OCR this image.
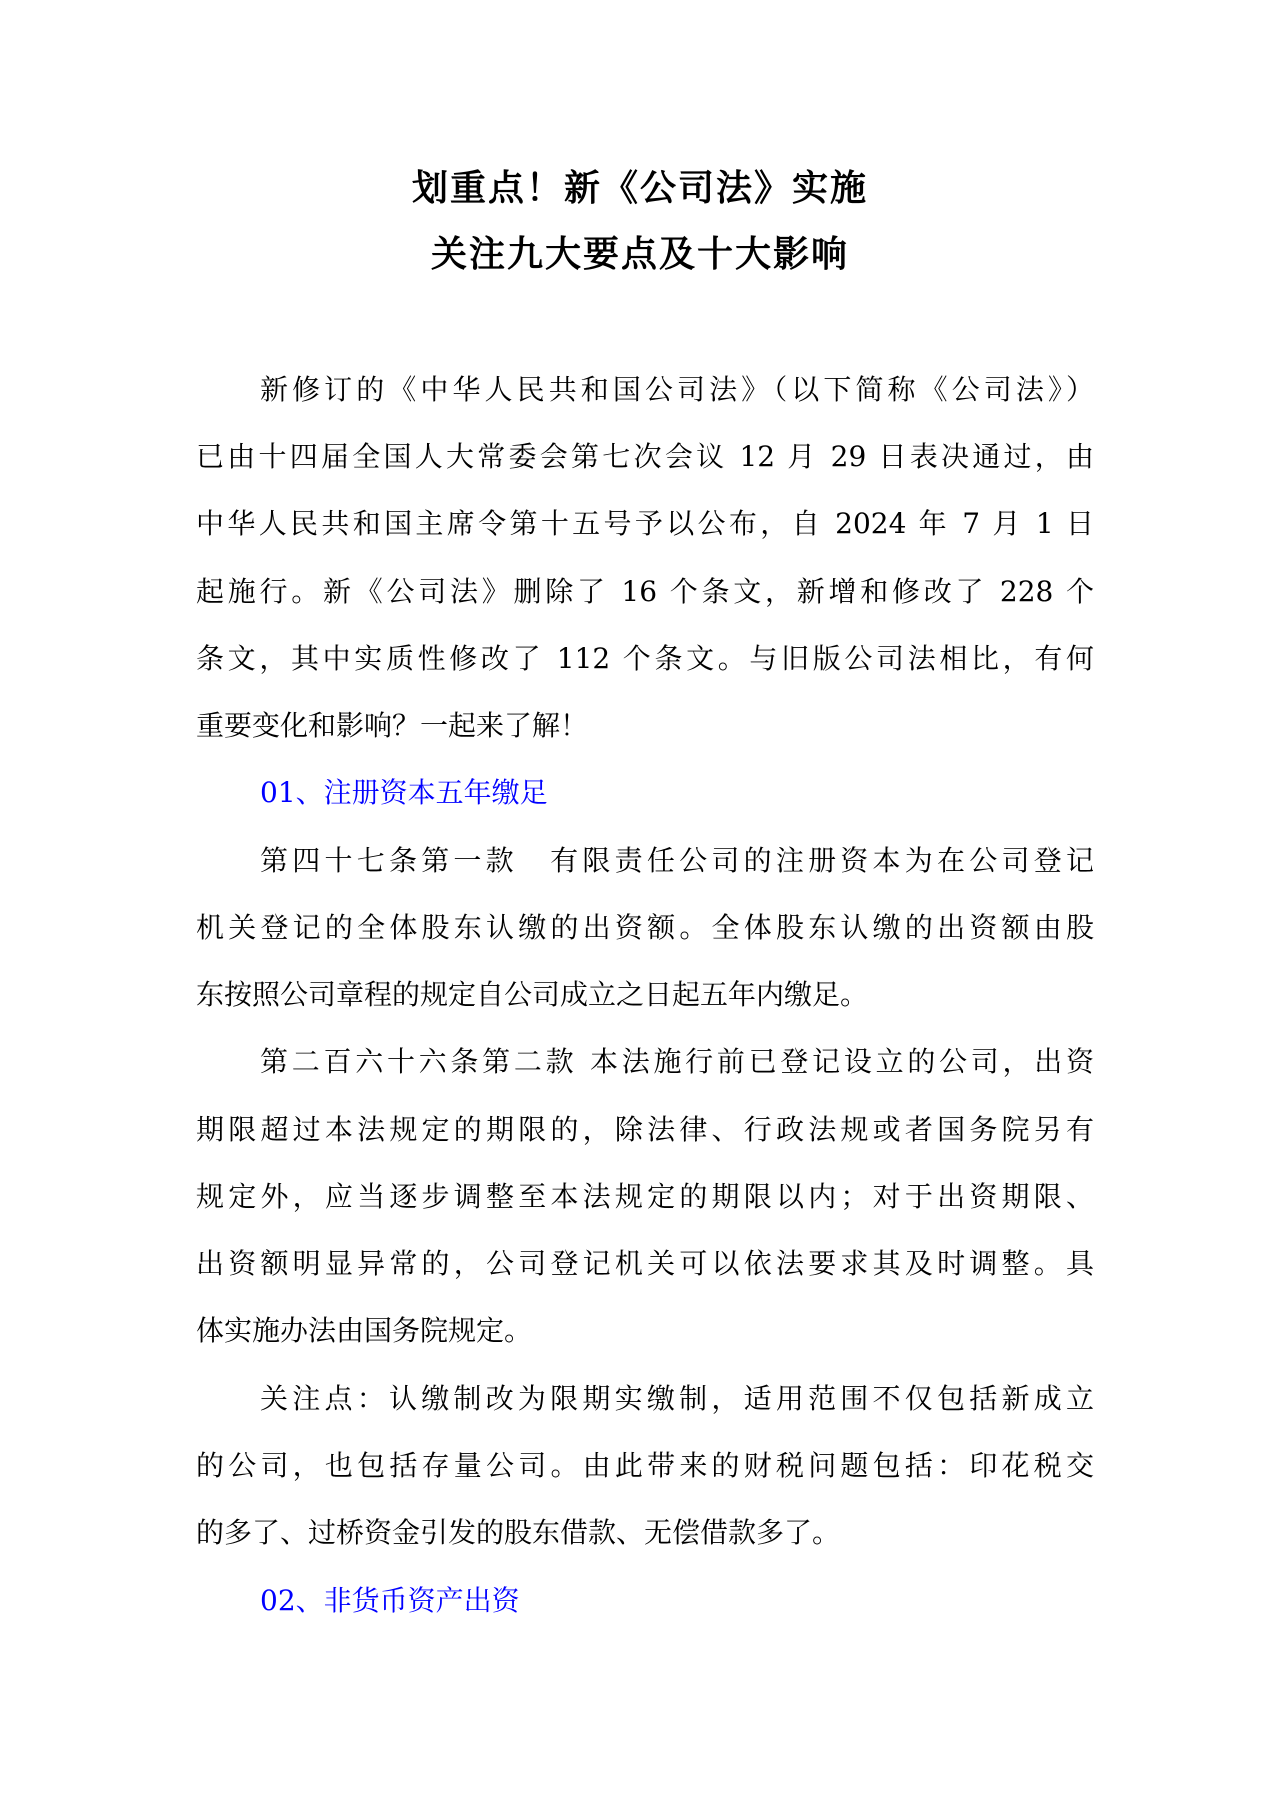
划重点！新《公司法》实施
关注九大要点及十大影响
新修订的《中华人民共和国公司法》（以下简称《公司法》）
已由十四届全国人大常委会第七次会议 12 月 29 日表决通过，由
中华人民共和国主席令第十五号予以公布，自 2024 年 7 月 1 日
起施行。新《公司法》删除了 16 个条文，新增和修改了 228 个
条文，其中实质性修改了 112 个条文。与旧版公司法相比，有何
重要变化和影响？一起来了解！
01、注册资本五年缴足
第四十七条第一款　有限责任公司的注册资本为在公司登记
机关登记的全体股东认缴的出资额。全体股东认缴的出资额由股
东按照公司章程的规定自公司成立之日起五年内缴足。
第二百六十六条第二款 本法施行前已登记设立的公司，出资
期限超过本法规定的期限的，除法律、行政法规或者国务院另有
规定外，应当逐步调整至本法规定的期限以内；对于出资期限、
出资额明显异常的，公司登记机关可以依法要求其及时调整。具
体实施办法由国务院规定。
关注点：认缴制改为限期实缴制，适用范围不仅包括新成立
的公司，也包括存量公司。由此带来的财税问题包括：印花税交
的多了、过桥资金引发的股东借款、无偿借款多了。
02、非货币资产出资
